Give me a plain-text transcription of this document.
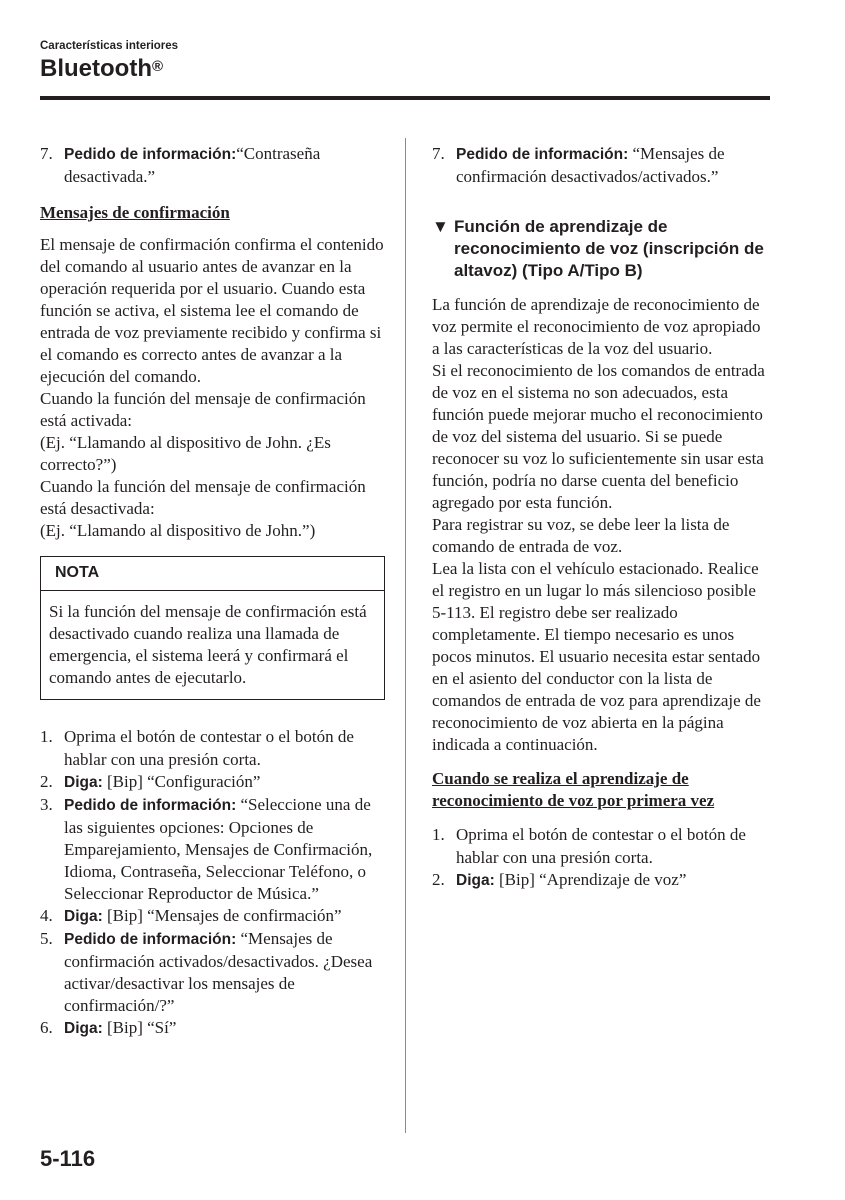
Características interiores
Bluetooth®
7. Pedido de información:“Contraseña desactivada.”
Mensajes de confirmación

El mensaje de confirmación confirma el contenido del comando al usuario antes de avanzar en la operación requerida por el usuario. Cuando esta función se activa, el sistema lee el comando de entrada de voz previamente recibido y confirma si el comando es correcto antes de avanzar a la ejecución del comando.

Cuando la función del mensaje de confirmación está activada:

(Ej. “Llamando al dispositivo de John. ¿Es correcto?”)

Cuando la función del mensaje de confirmación está desactivada:

(Ej. “Llamando al dispositivo de John.”)

NOTA
Si la función del mensaje de confirmación está desactivado cuando realiza una llamada de emergencia, el sistema leerá y confirmará el comando antes de ejecutarlo.
1. Oprima el botón de contestar o el botón de hablar con una presión corta.
2. Diga: [Bip] “Configuración”
3. Pedido de información: “Seleccione una de las siguientes opciones: Opciones de Emparejamiento, Mensajes de Confirmación, Idioma, Contraseña, Seleccionar Teléfono, o Seleccionar Reproductor de Música.”
4. Diga: [Bip] “Mensajes de confirmación”
5. Pedido de información: “Mensajes de confirmación activados/desactivados. ¿Desea activar/desactivar los mensajes de confirmación/?”
6. Diga: [Bip] “Sí”
7. Pedido de información: “Mensajes de confirmación desactivados/activados.”
▼ Función de aprendizaje de reconocimiento de voz (inscripción de altavoz) (Tipo A/Tipo B)

La función de aprendizaje de reconocimiento de voz permite el reconocimiento de voz apropiado a las características de la voz del usuario.

Si el reconocimiento de los comandos de entrada de voz en el sistema no son adecuados, esta función puede mejorar mucho el reconocimiento de voz del sistema del usuario. Si se puede reconocer su voz lo suficientemente sin usar esta función, podría no darse cuenta del beneficio agregado por esta función.

Para registrar su voz, se debe leer la lista de comando de entrada de voz.

Lea la lista con el vehículo estacionado. Realice el registro en un lugar lo más silencioso posible 5-113. El registro debe ser realizado completamente. El tiempo necesario es unos pocos minutos. El usuario necesita estar sentado en el asiento del conductor con la lista de comandos de entrada de voz para aprendizaje de reconocimiento de voz abierta en la página indicada a continuación.

Cuando se realiza el aprendizaje de reconocimiento de voz por primera vez
1. Oprima el botón de contestar o el botón de hablar con una presión corta.
2. Diga: [Bip] “Aprendizaje de voz”
5-116
